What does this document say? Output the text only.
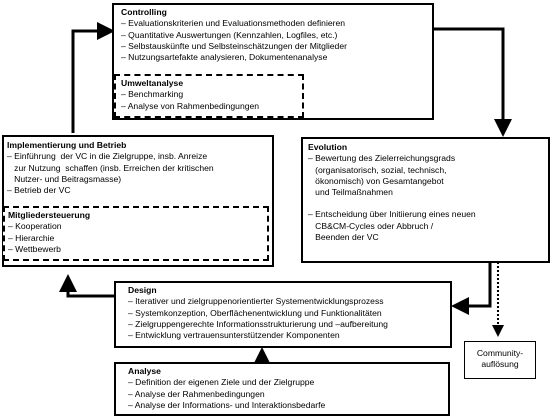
Controlling
– Evaluationskriterien und Evaluationsmethoden definieren
– Quantitative Auswertungen (Kennzahlen, Logfiles, etc.)
– Selbstauskünfte und Selbsteinschätzungen der Mitglieder
– Nutzungsartefakte analysieren, Dokumentenanalyse
Umweltanalyse
– Benchmarking
– Analyse von Rahmenbedingungen
Implementierung und Betrieb
– Einführung  der VC in die Zielgruppe, insb. Anreize
zur Nutzung  schaffen (insb. Erreichen der kritischen
Nutzer- und Beitragsmasse)
– Betrieb der VC
Mitgliedersteuerung
– Kooperation
– Hierarchie
– Wettbewerb
Evolution
– Bewertung des Zielerreichungsgrads
(organisatorisch, sozial, technisch,
ökonomisch) von Gesamtangebot
und Teilmaßnahmen
– Entscheidung über Initiierung eines neuen
CB&CM-Cycles oder Abbruch /
Beenden der VC
Design
– Iterativer und zielgruppenorientierter Systementwicklungsprozess
– Systemkonzeption, Oberflächenentwicklung und Funktionalitäten
– Zielgruppengerechte Informationsstrukturierung und –aufbereitung
– Entwicklung vertrauensunterstützender Komponenten
Community-
auflösung
Analyse
– Definition der eigenen Ziele und der Zielgruppe
– Analyse der Rahmenbedingungen
– Analyse der Informations- und Interaktionsbedarfe
